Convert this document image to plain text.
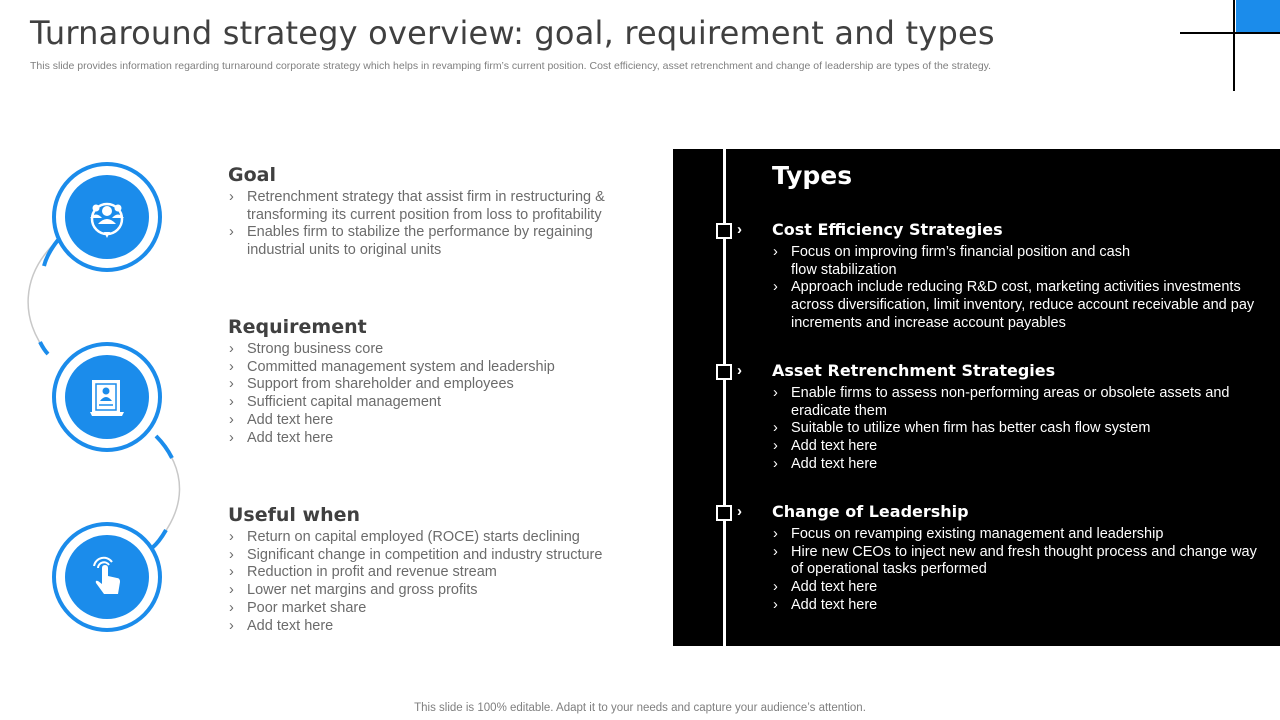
Turnaround strategy overview: goal, requirement and types
This slide provides information regarding turnaround corporate strategy which helps in revamping firm’s current position. Cost efficiency, asset retrenchment and change of leadership are types of the strategy.
Goal
› Retrenchment strategy that assist firm in restructuring & transforming its current position from loss to profitability
› Enables firm to stabilize the performance by regaining industrial units to original units
Requirement
› Strong business core
› Committed management system and leadership
› Support from shareholder and employees
› Sufficient capital management
› Add text here
› Add text here
Useful when
› Return on capital employed (ROCE) starts declining
› Significant change in competition and industry structure
› Reduction in profit and revenue stream
› Lower net margins and gross profits
› Poor market share
› Add text here
Types
› Cost Efficiency Strategies
› Focus on improving firm’s financial position and cash flow stabilization
› Approach include reducing R&D cost, marketing activities investments across diversification, limit inventory, reduce account receivable and pay increments and increase account payables
› Asset Retrenchment Strategies
› Enable firms to assess non-performing areas or obsolete assets and eradicate them
› Suitable to utilize when firm has better cash flow system
› Add text here
› Add text here
› Change of Leadership
› Focus on revamping existing management and leadership
› Hire new CEOs to inject new and fresh thought process and change way of operational tasks performed
› Add text here
› Add text here
This slide is 100% editable. Adapt it to your needs and capture your audience’s attention.
